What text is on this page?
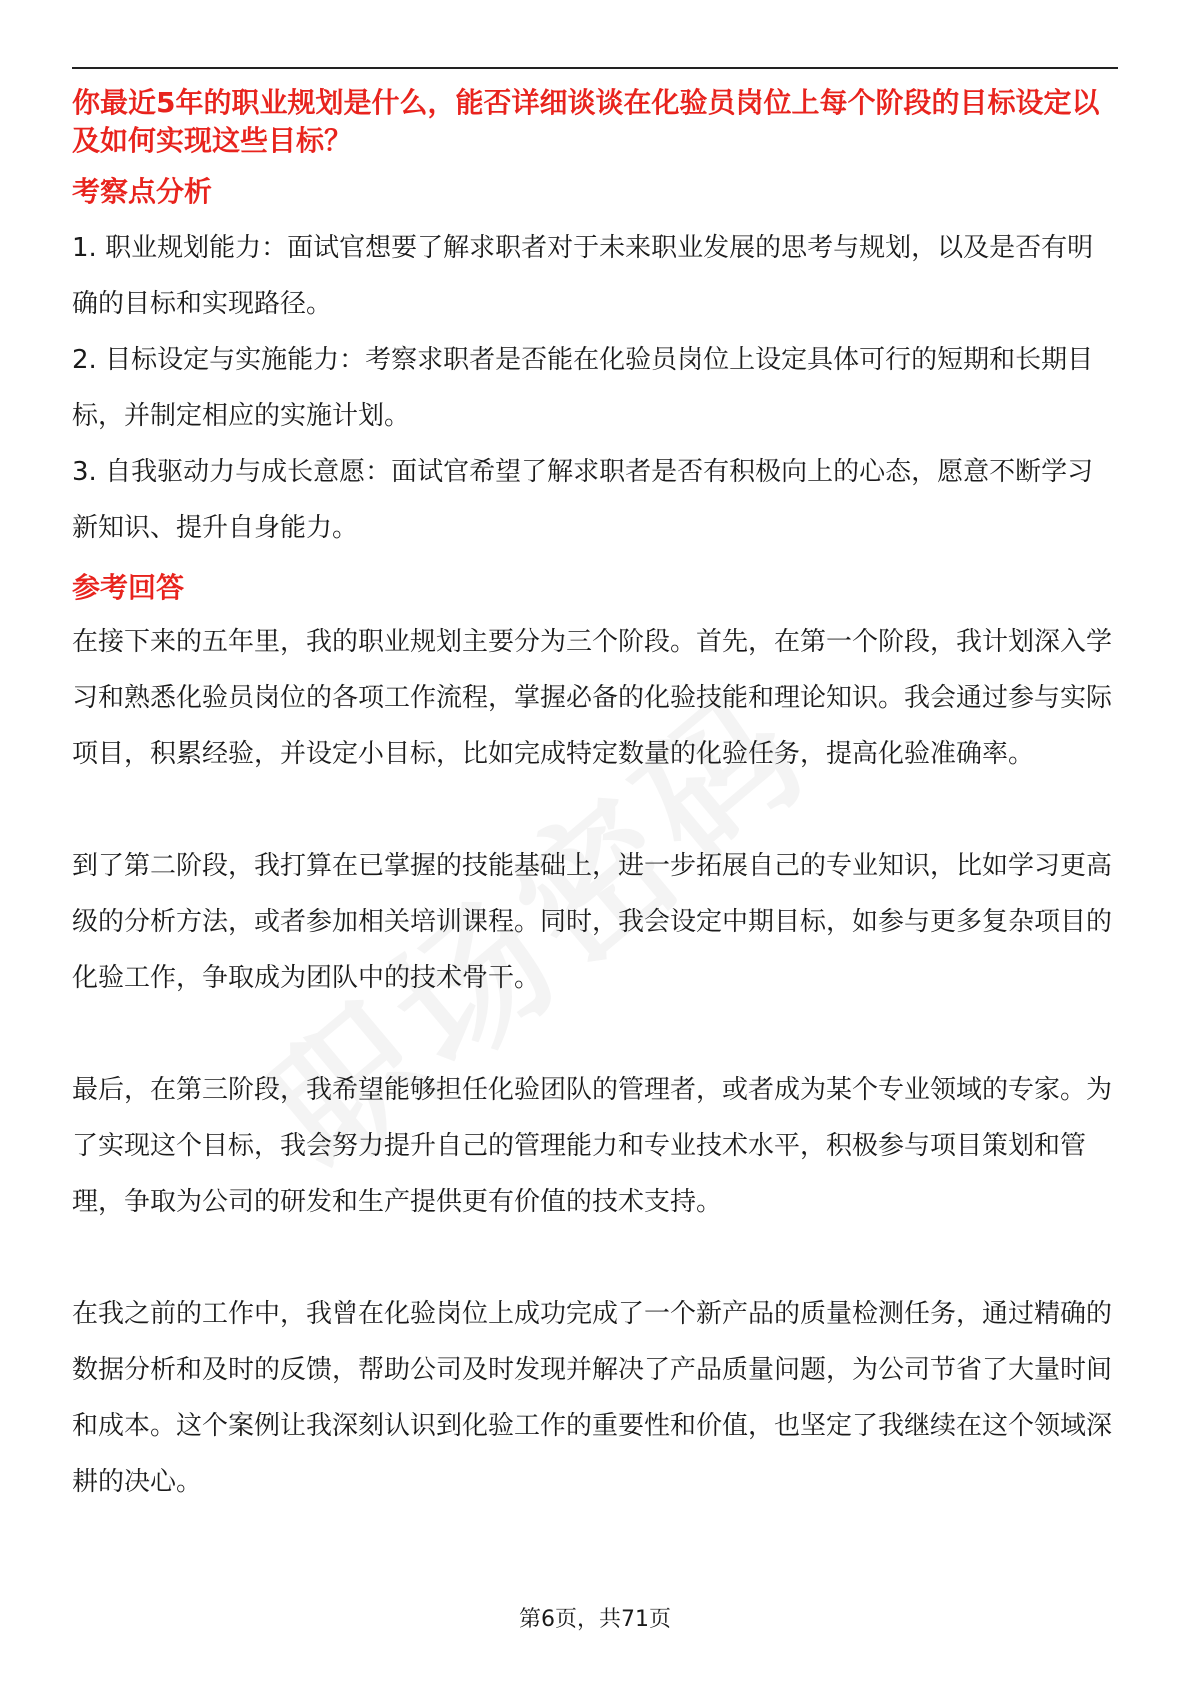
你最近5年的职业规划是什么，能否详细谈谈在化验员岗位上每个阶段的目标设定以及如何实现这些目标？

考察点分析

1. 职业规划能力：面试官想要了解求职者对于未来职业发展的思考与规划，以及是否有明确的目标和实现路径。

2. 目标设定与实施能力：考察求职者是否能在化验员岗位上设定具体可行的短期和长期目标，并制定相应的实施计划。

3. 自我驱动力与成长意愿：面试官希望了解求职者是否有积极向上的心态，愿意不断学习新知识、提升自身能力。

参考回答

在接下来的五年里，我的职业规划主要分为三个阶段。首先，在第一个阶段，我计划深入学习和熟悉化验员岗位的各项工作流程，掌握必备的化验技能和理论知识。我会通过参与实际项目，积累经验，并设定小目标，比如完成特定数量的化验任务，提高化验准确率。

到了第二阶段，我打算在已掌握的技能基础上，进一步拓展自己的专业知识，比如学习更高级的分析方法，或者参加相关培训课程。同时，我会设定中期目标，如参与更多复杂项目的化验工作，争取成为团队中的技术骨干。

最后，在第三阶段，我希望能够担任化验团队的管理者，或者成为某个专业领域的专家。为了实现这个目标，我会努力提升自己的管理能力和专业技术水平，积极参与项目策划和管理，争取为公司的研发和生产提供更有价值的技术支持。

在我之前的工作中，我曾在化验岗位上成功完成了一个新产品的质量检测任务，通过精确的数据分析和及时的反馈，帮助公司及时发现并解决了产品质量问题，为公司节省了大量时间和成本。这个案例让我深刻认识到化验工作的重要性和价值，也坚定了我继续在这个领域深耕的决心。

第6页，共71页
